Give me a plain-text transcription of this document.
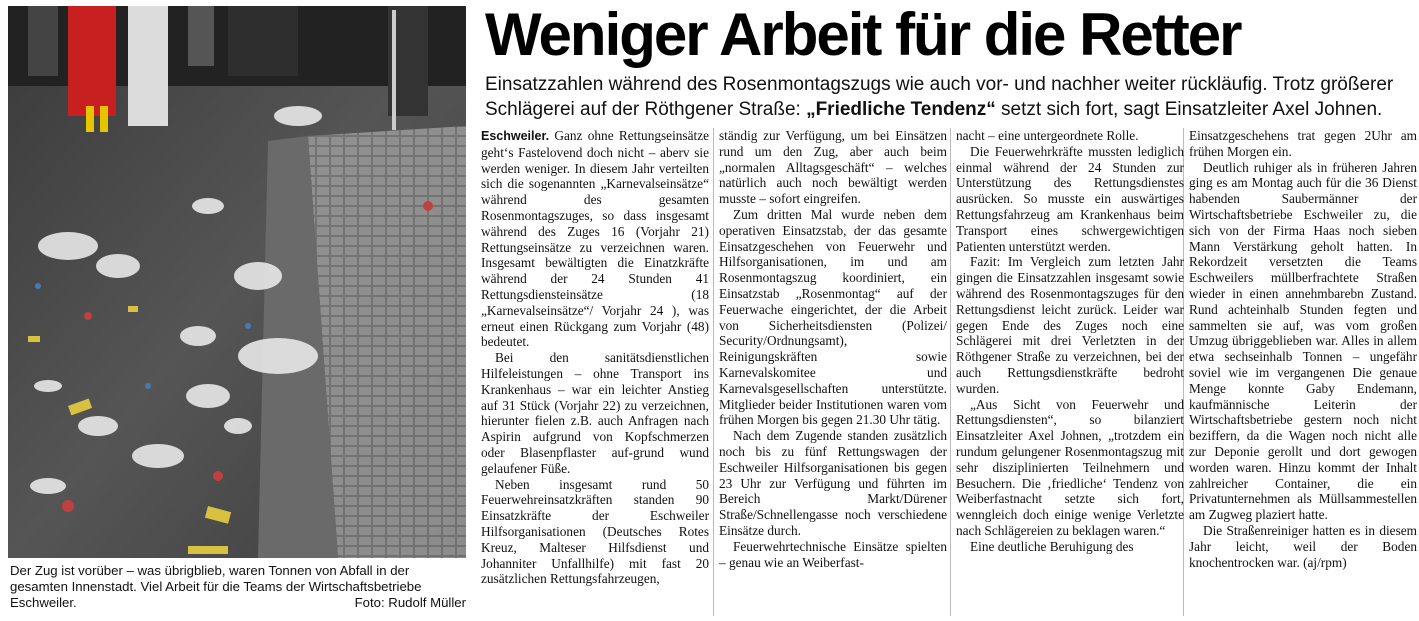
Der Zug ist vorüber – was übrigblieb, waren Tonnen von Abfall in der gesamten Innenstadt. Viel Arbeit für die Teams der Wirtschaftsbetriebe Eschweiler.	Foto: Rudolf Müller
Weniger Arbeit für die Retter
Einsatzzahlen während des Rosenmontagszugs wie auch vor- und nachher weiter rückläufig. Trotz größerer
Schlägerei auf der Röthgener Straße: „Friedliche Tendenz“ setzt sich fort, sagt Einsatzleiter Axel Johnen.

Eschweiler. Ganz ohne Rettungseinsätze geht‘s Fastelovend doch nicht – aberv sie werden weniger. In diesem Jahr verteilten sich die sogenannten „Karnevalseinsätze“ während des gesamten Rosenmontagszuges, so dass insgesamt während des Zuges 16 (Vorjahr 21) Rettungseinsätze zu verzeichnen waren. Insgesamt bewältigten die Einatzkräfte während der 24 Stunden 41 Rettungsdiensteinsätze (18 „Karnevalseinsätze“/ Vorjahr 24 ), was erneut einen Rückgang zum Vorjahr (48) bedeutet.

Bei den sanitätsdienstlichen Hilfeleistungen – ohne Transport ins Krankenhaus – war ein leichter Anstieg auf 31 Stück (Vorjahr 22) zu verzeichnen, hierunter fielen z.B. auch Anfragen nach Aspirin aufgrund von Kopfschmerzen oder Blasenpflaster auf-grund wund gelaufener Füße.

Neben insgesamt rund 50 Feuerwehreinsatzkräften standen 90 Einsatzkräfte der Eschweiler Hilfsorganisationen (Deutsches Rotes Kreuz, Malteser Hilfsdienst und Johanniter Unfallhilfe) mit fast 20 zusätzlichen Rettungsfahrzeugen,

ständig zur Verfügung, um bei Einsätzen rund um den Zug, aber auch beim „normalen Alltagsgeschäft“ – welches natürlich auch noch bewältigt werden musste – sofort eingreifen.

Zum dritten Mal wurde neben dem operativen Einsatzstab, der das gesamte Einsatzgeschehen von Feuerwehr und Hilfsorganisationen, im und am Rosenmontagszug koordiniert, ein Einsatzstab „Rosenmontag“ auf der Feuerwache eingerichtet, der die Arbeit von Sicherheitsdiensten (Polizei/ Security/Ordnungsamt), Reinigungskräften sowie Karnevalskomitee und Karnevalsgesellschaften unterstützte. Mitglieder beider Institutionen waren vom frühen Morgen bis gegen 21.30 Uhr tätig.

Nach dem Zugende standen zusätzlich noch bis zu fünf Rettungswagen der Eschweiler Hilfsorganisationen bis gegen 23 Uhr zur Verfügung und führten im Bereich Markt/Dürener Straße/Schnellengasse noch verschiedene Einsätze durch.

Feuerwehrtechnische Einsätze spielten – genau wie an Weiberfast-

nacht – eine untergeordnete Rolle.

Die Feuerwehrkräfte mussten lediglich einmal während der 24 Stunden zur Unterstützung des Rettungsdienstes ausrücken. So musste ein auswärtiges Rettungsfahrzeug am Krankenhaus beim Transport eines schwergewichtigen Patienten unterstützt werden.

Fazit: Im Vergleich zum letzten Jahr gingen die Einsatzzahlen insgesamt sowie während des Rosenmontagszuges für den Rettungsdienst leicht zurück. Leider war gegen Ende des Zuges noch eine Schlägerei mit drei Verletzten in der Röthgener Straße zu verzeichnen, bei der auch Rettungsdienstkräfte bedroht wurden.

„Aus Sicht von Feuerwehr und Rettungsdiensten“, so bilanziert Einsatzleiter Axel Johnen, „trotzdem ein rundum gelungener Rosenmontagszug mit sehr disziplinierten Teilnehmern und Besuchern. Die ‚friedliche‘ Tendenz von Weiberfastnacht setzte sich fort, wenngleich doch einige wenige Verletzte nach Schlägereien zu beklagen waren.“

Eine deutliche Beruhigung des

Einsatzgeschehens trat gegen 2Uhr am frühen Morgen ein.

Deutlich ruhiger als in früheren Jahren ging es am Montag auch für die 36 Dienst habenden Saubermänner der Wirtschaftsbetriebe Eschweiler zu, die sich von der Firma Haas noch sieben Mann Verstärkung geholt hatten. In Rekordzeit versetzten die Teams Eschweilers müllberfrachtete Straßen wieder in einen annehmbarebn Zustand. Rund achteinhalb Stunden fegten und sammelten sie auf, was vom großen Umzug übriggeblieben war. Alles in allem etwa sechseinhalb Tonnen – ungefähr soviel wie im vergangenen Die genaue Menge konnte Gaby Endemann, kaufmännische Leiterin der Wirtschaftsbetriebe gestern noch nicht beziffern, da die Wagen noch nicht alle zur Deponie gerollt und dort gewogen worden waren. Hinzu kommt der Inhalt zahlreicher Container, die ein Privatunternehmen als Müllsammestellen am Zugweg plaziert hatte.

Die Straßenreiniger hatten es in diesem Jahr leicht, weil der Boden knochentrocken war. (aj/rpm)
